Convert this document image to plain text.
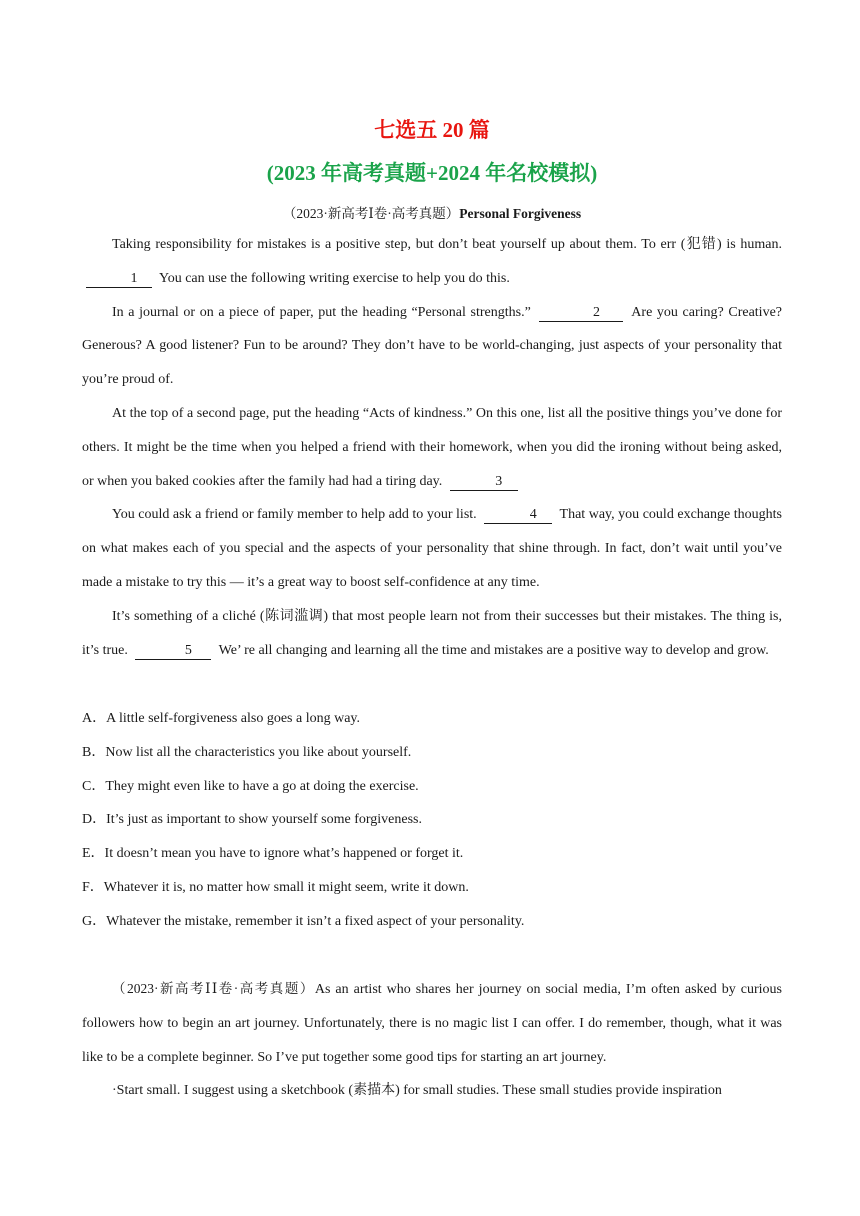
七选五 20 篇
(2023 年高考真题+2024 年名校模拟)
（2023·新高考Ⅰ卷·高考真题）Personal Forgiveness

Taking responsibility for mistakes is a positive step, but don’t beat yourself up about them. To err (犯错) is human. 1 You can use the following writing exercise to help you do this.

In a journal or on a piece of paper, put the heading “Personal strengths.”	2 Are you caring? Creative? Generous? A good listener? Fun to be around? They don’t have to be world-changing, just aspects of your personality that you’re proud of.

At the top of a second page, put the heading “Acts of kindness.” On this one, list all the positive things you’ve done for others. It might be the time when you helped a friend with their homework, when you did the ironing without being asked, or when you baked cookies after the family had had a tiring day.	3

You could ask a friend or family member to help add to your list.	4 That way, you could exchange thoughts on what makes each of you special and the aspects of your personality that shine through. In fact, don’t wait until you’ve made a mistake to try this — it’s a great way to boost self-confidence at any time.

It’s something of a cliché (陈词滥调) that most people learn not from their successes but their mistakes. The thing is, it’s true.	5 We’ re all changing and learning all the time and mistakes are a positive way to develop and grow.

A．A little self-forgiveness also goes a long way.
B．Now list all the characteristics you like about yourself.
C．They might even like to have a go at doing the exercise.
D．It’s just as important to show yourself some forgiveness.
E．It doesn’t mean you have to ignore what’s happened or forget it.
F．Whatever it is, no matter how small it might seem, write it down.
G．Whatever the mistake, remember it isn’t a fixed aspect of your personality.

（2023·新高考ⅠⅠ卷·高考真题）As an artist who shares her journey on social media, I’m often asked by curious followers how to begin an art journey. Unfortunately, there is no magic list I can offer. I do remember, though, what it was like to be a complete beginner. So I’ve put together some good tips for starting an art journey.

·Start small. I suggest using a sketchbook (素描本) for small studies. These small studies provide inspiration
